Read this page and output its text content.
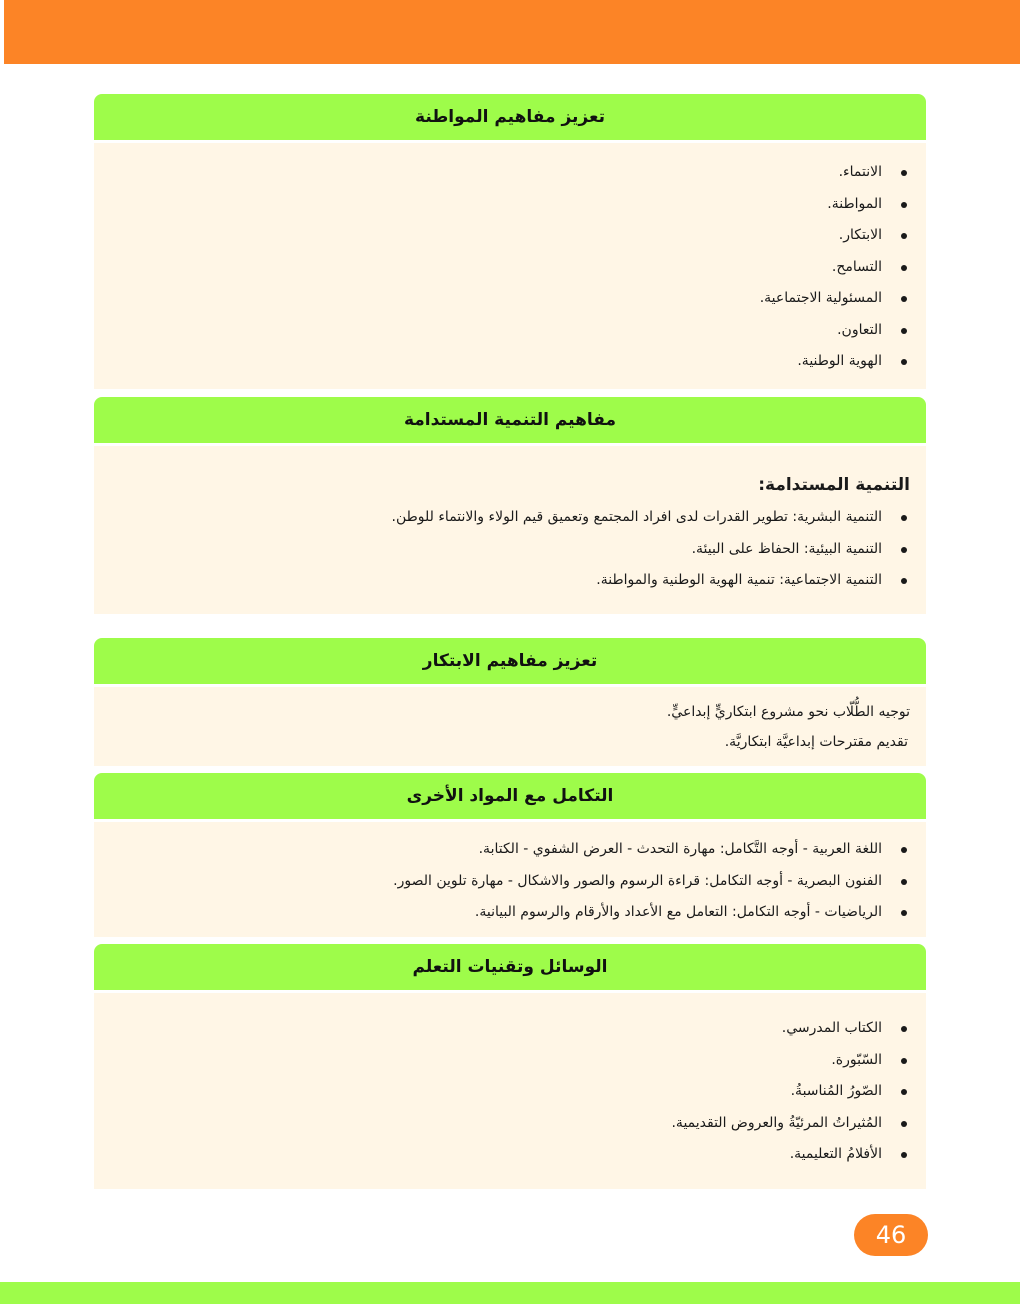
تعزيز مفاهيم المواطنة
الانتماء.
المواطنة.
الابتكار.
التسامح.
المسئولية الاجتماعية.
التعاون.
الهوية الوطنية.
مفاهيم التنمية المستدامة
التنمية المستدامة:
التنمية البشرية: تطوير القدرات لدى افراد المجتمع وتعميق قيم الولاء والانتماء للوطن.
التنمية البيئية: الحفاظ على البيئة.
التنمية الاجتماعية: تنمية الهوية الوطنية والمواطنة.
تعزيز مفاهيم الابتكار
توجيه الطُّلّاب نحو مشروع ابتكاريٍّ إبداعيٍّ.
تقديم مقترحات إبداعيَّة ابتكاريَّة.
التكامل مع المواد الأخرى
اللغة العربية - أوجه التَّكامل: مهارة التحدث - العرض الشفوي - الكتابة.
الفنون البصرية - أوجه التكامل: قراءة الرسوم والصور والاشكال - مهارة تلوين الصور.
الرياضيات - أوجه التكامل: التعامل مع الأعداد والأرقام والرسوم البيانية.
الوسائل وتقنيات التعلم
الكتاب المدرسي.
السّبّورة.
الصّورُ المُناسبةُ.
المُثيراتُ المرئيّةُ والعروض التقديمية.
الأفلامُ التعليمية.
46
